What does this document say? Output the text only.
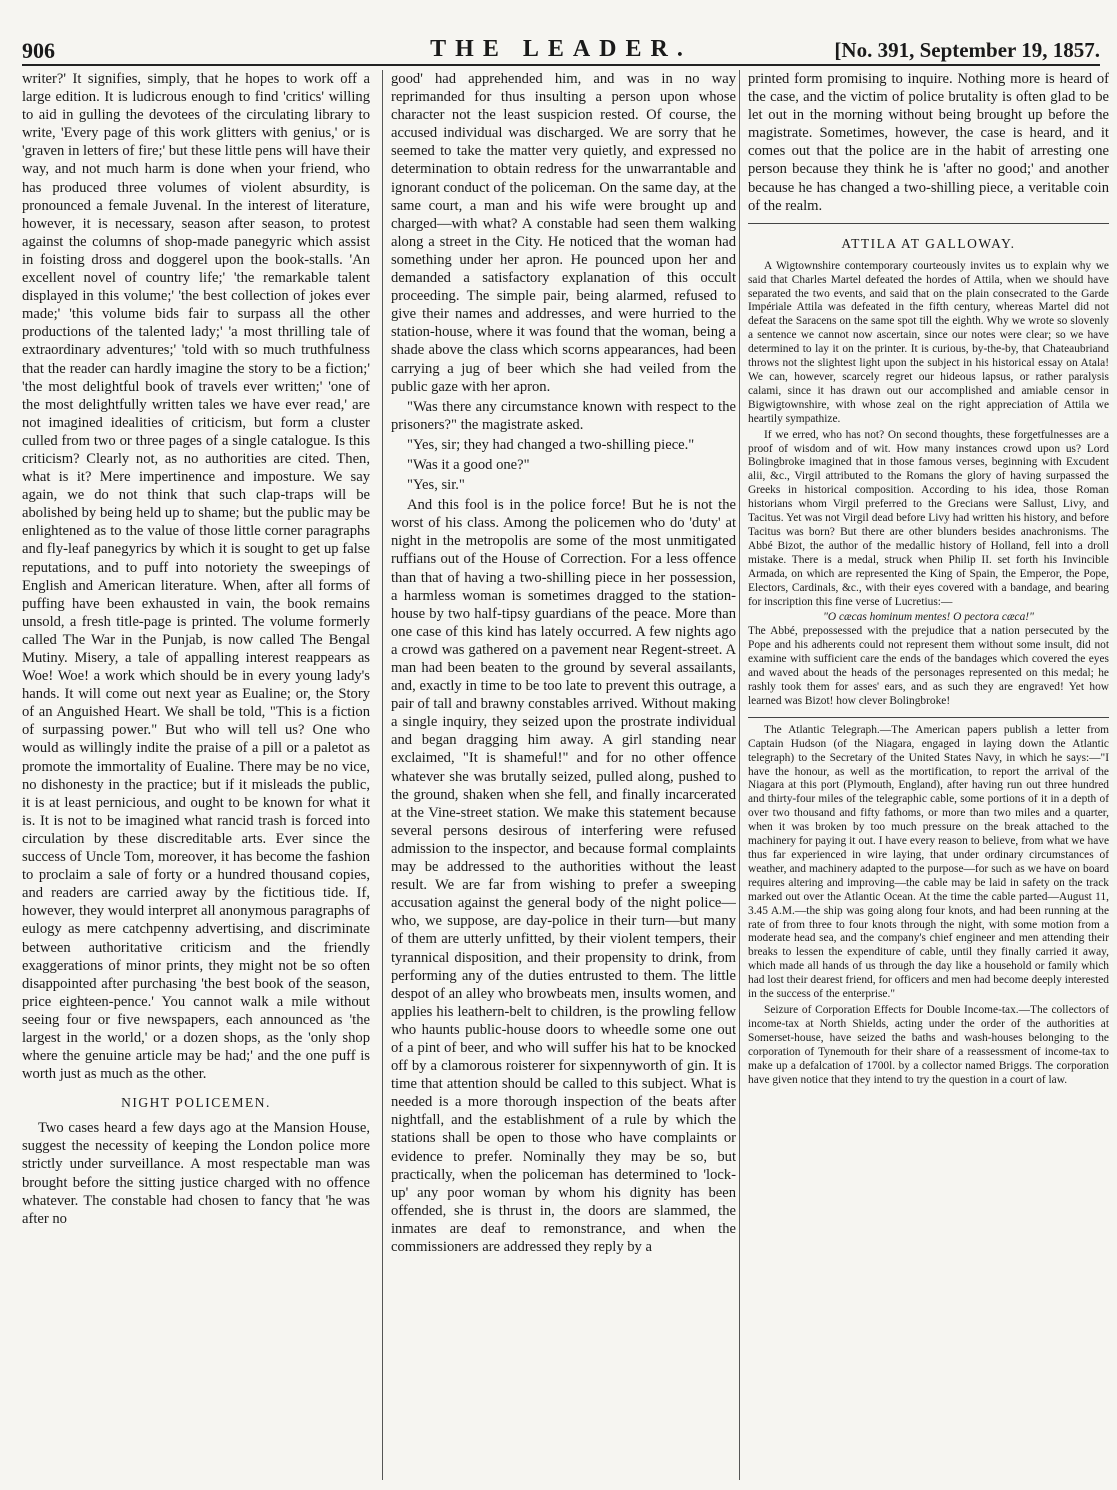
906	THE LEADER.	[No. 391, September 19, 1857.

writer?' It signifies, simply, that he hopes to work off a large edition. It is ludicrous enough to find 'critics' willing to aid in gulling the devotees of the circulating library to write, 'Every page of this work glitters with genius,' or is 'graven in letters of fire;' but these little pens will have their way, and not much harm is done when your friend, who has produced three volumes of violent absurdity, is pronounced a female Juvenal. In the interest of literature, however, it is necessary, season after season, to protest against the columns of shop-made panegyric which assist in foisting dross and doggerel upon the book-stalls. 'An excellent novel of country life;' 'the remarkable talent displayed in this volume;' 'the best collection of jokes ever made;' 'this volume bids fair to surpass all the other productions of the talented lady;' 'a most thrilling tale of extraordinary adventures;' 'told with so much truthfulness that the reader can hardly imagine the story to be a fiction;' 'the most delightful book of travels ever written;' 'one of the most delightfully written tales we have ever read,' are not imagined idealities of criticism, but form a cluster culled from two or three pages of a single catalogue. Is this criticism? Clearly not, as no authorities are cited. Then, what is it? Mere impertinence and imposture. We say again, we do not think that such clap-traps will be abolished by being held up to shame; but the public may be enlightened as to the value of those little corner paragraphs and fly-leaf panegyrics by which it is sought to get up false reputations, and to puff into notoriety the sweepings of English and American literature. When, after all forms of puffing have been exhausted in vain, the book remains unsold, a fresh title-page is printed. The volume formerly called The War in the Punjab, is now called The Bengal Mutiny. Misery, a tale of appalling interest reappears as Woe! Woe! a work which should be in every young lady's hands. It will come out next year as Eualine; or, the Story of an Anguished Heart. We shall be told, "This is a fiction of surpassing power." But who will tell us? One who would as willingly indite the praise of a pill or a paletot as promote the immortality of Eualine. There may be no vice, no dishonesty in the practice; but if it misleads the public, it is at least pernicious, and ought to be known for what it is. It is not to be imagined what rancid trash is forced into circulation by these discreditable arts. Ever since the success of Uncle Tom, moreover, it has become the fashion to proclaim a sale of forty or a hundred thousand copies, and readers are carried away by the fictitious tide. If, however, they would interpret all anonymous paragraphs of eulogy as mere catchpenny advertising, and discriminate between authoritative criticism and the friendly exaggerations of minor prints, they might not be so often disappointed after purchasing 'the best book of the season, price eighteen-pence.' You cannot walk a mile without seeing four or five newspapers, each announced as 'the largest in the world,' or a dozen shops, as the 'only shop where the genuine article may be had;' and the one puff is worth just as much as the other.

NIGHT POLICEMEN.

Two cases heard a few days ago at the Mansion House, suggest the necessity of keeping the London police more strictly under surveillance. A most respectable man was brought before the sitting justice charged with no offence whatever. The constable had chosen to fancy that 'he was after no

good' had apprehended him, and was in no way reprimanded for thus insulting a person upon whose character not the least suspicion rested. Of course, the accused individual was discharged. We are sorry that he seemed to take the matter very quietly, and expressed no determination to obtain redress for the unwarrantable and ignorant conduct of the policeman. On the same day, at the same court, a man and his wife were brought up and charged—with what? A constable had seen them walking along a street in the City. He noticed that the woman had something under her apron. He pounced upon her and demanded a satisfactory explanation of this occult proceeding. The simple pair, being alarmed, refused to give their names and addresses, and were hurried to the station-house, where it was found that the woman, being a shade above the class which scorns appearances, had been carrying a jug of beer which she had veiled from the public gaze with her apron.

"Was there any circumstance known with respect to the prisoners?" the magistrate asked.

"Yes, sir; they had changed a two-shilling piece."

"Was it a good one?"

"Yes, sir."

And this fool is in the police force! But he is not the worst of his class. Among the policemen who do 'duty' at night in the metropolis are some of the most unmitigated ruffians out of the House of Correction. For a less offence than that of having a two-shilling piece in her possession, a harmless woman is sometimes dragged to the station-house by two half-tipsy guardians of the peace. More than one case of this kind has lately occurred. A few nights ago a crowd was gathered on a pavement near Regent-street. A man had been beaten to the ground by several assailants, and, exactly in time to be too late to prevent this outrage, a pair of tall and brawny constables arrived. Without making a single inquiry, they seized upon the prostrate individual and began dragging him away. A girl standing near exclaimed, "It is shameful!" and for no other offence whatever she was brutally seized, pulled along, pushed to the ground, shaken when she fell, and finally incarcerated at the Vine-street station. We make this statement because several persons desirous of interfering were refused admission to the inspector, and because formal complaints may be addressed to the authorities without the least result. We are far from wishing to prefer a sweeping accusation against the general body of the night police—who, we suppose, are day-police in their turn—but many of them are utterly unfitted, by their violent tempers, their tyrannical disposition, and their propensity to drink, from performing any of the duties entrusted to them. The little despot of an alley who browbeats men, insults women, and applies his leathern-belt to children, is the prowling fellow who haunts public-house doors to wheedle some one out of a pint of beer, and who will suffer his hat to be knocked off by a clamorous roisterer for sixpennyworth of gin. It is time that attention should be called to this subject. What is needed is a more thorough inspection of the beats after nightfall, and the establishment of a rule by which the stations shall be open to those who have complaints or evidence to prefer. Nominally they may be so, but practically, when the policeman has determined to 'lock-up' any poor woman by whom his dignity has been offended, she is thrust in, the doors are slammed, the inmates are deaf to remonstrance, and when the commissioners are addressed they reply by a

printed form promising to inquire. Nothing more is heard of the case, and the victim of police brutality is often glad to be let out in the morning without being brought up before the magistrate. Sometimes, however, the case is heard, and it comes out that the police are in the habit of arresting one person because they think he is 'after no good;' and another because he has changed a two-shilling piece, a veritable coin of the realm.

ATTILA AT GALLOWAY.

A Wigtownshire contemporary courteously invites us to explain why we said that Charles Martel defeated the hordes of Attila, when we should have separated the two events, and said that on the plain consecrated to the Garde Impériale Attila was defeated in the fifth century, whereas Martel did not defeat the Saracens on the same spot till the eighth. Why we wrote so slovenly a sentence we cannot now ascertain, since our notes were clear; so we have determined to lay it on the printer. It is curious, by-the-by, that Chateaubriand throws not the slightest light upon the subject in his historical essay on Atala! We can, however, scarcely regret our hideous lapsus, or rather paralysis calami, since it has drawn out our accomplished and amiable censor in Bigwigtownshire, with whose zeal on the right appreciation of Attila we heartily sympathize.

If we erred, who has not? On second thoughts, these forgetfulnesses are a proof of wisdom and of wit. How many instances crowd upon us? Lord Bolingbroke imagined that in those famous verses, beginning with Excudent alii, &c., Virgil attributed to the Romans the glory of having surpassed the Greeks in historical composition. According to his idea, those Roman historians whom Virgil preferred to the Grecians were Sallust, Livy, and Tacitus. Yet was not Virgil dead before Livy had written his history, and before Tacitus was born? But there are other blunders besides anachronisms. The Abbé Bizot, the author of the medallic history of Holland, fell into a droll mistake. There is a medal, struck when Philip II. set forth his Invincible Armada, on which are represented the King of Spain, the Emperor, the Pope, Electors, Cardinals, &c., with their eyes covered with a bandage, and bearing for inscription this fine verse of Lucretius:—

"O cæcas hominum mentes! O pectora cæca!"

The Abbé, prepossessed with the prejudice that a nation persecuted by the Pope and his adherents could not represent them without some insult, did not examine with sufficient care the ends of the bandages which covered the eyes and waved about the heads of the personages represented on this medal; he rashly took them for asses' ears, and as such they are engraved! Yet how learned was Bizot! how clever Bolingbroke!

The Atlantic Telegraph.—The American papers publish a letter from Captain Hudson (of the Niagara, engaged in laying down the Atlantic telegraph) to the Secretary of the United States Navy, in which he says:—"I have the honour, as well as the mortification, to report the arrival of the Niagara at this port (Plymouth, England), after having run out three hundred and thirty-four miles of the telegraphic cable, some portions of it in a depth of over two thousand and fifty fathoms, or more than two miles and a quarter, when it was broken by too much pressure on the break attached to the machinery for paying it out. I have every reason to believe, from what we have thus far experienced in wire laying, that under ordinary circumstances of weather, and machinery adapted to the purpose—for such as we have on board requires altering and improving—the cable may be laid in safety on the track marked out over the Atlantic Ocean. At the time the cable parted—August 11, 3.45 A.M.—the ship was going along four knots, and had been running at the rate of from three to four knots through the night, with some motion from a moderate head sea, and the company's chief engineer and men attending their breaks to lessen the expenditure of cable, until they finally carried it away, which made all hands of us through the day like a household or family which had lost their dearest friend, for officers and men had become deeply interested in the success of the enterprise."

Seizure of Corporation Effects for Double Income-tax.—The collectors of income-tax at North Shields, acting under the order of the authorities at Somerset-house, have seized the baths and wash-houses belonging to the corporation of Tynemouth for their share of a reassessment of income-tax to make up a defalcation of 1700l. by a collector named Briggs. The corporation have given notice that they intend to try the question in a court of law.
